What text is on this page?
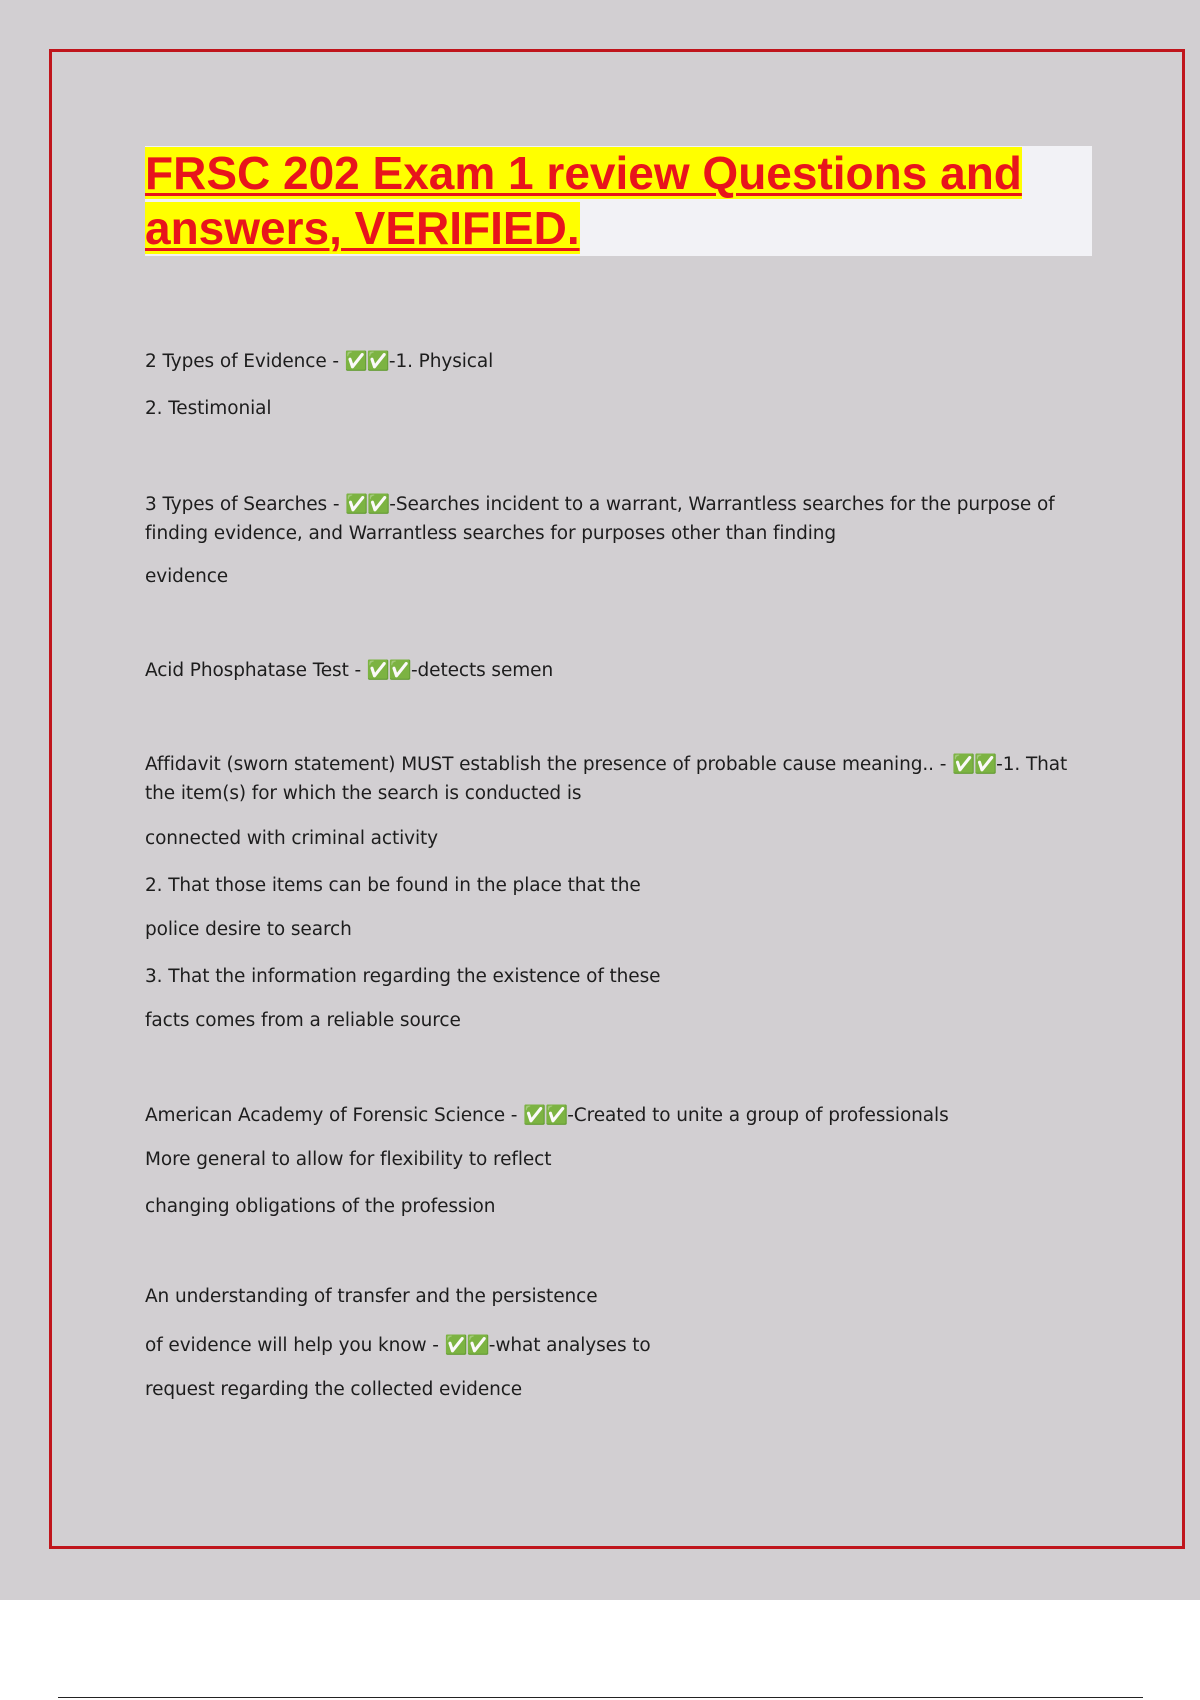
FRSC 202 Exam 1 review Questions and answers, VERIFIED.

2 Types of Evidence - ✅✅-1. Physical

2. Testimonial

3 Types of Searches - ✅✅-Searches incident to a warrant, Warrantless searches for the purpose of finding evidence, and Warrantless searches for purposes other than finding

evidence

Acid Phosphatase Test - ✅✅-detects semen

Affidavit (sworn statement) MUST establish the presence of probable cause meaning.. - ✅✅-1. That the item(s) for which the search is conducted is

connected with criminal activity

2. That those items can be found in the place that the

police desire to search

3. That the information regarding the existence of these

facts comes from a reliable source

American Academy of Forensic Science - ✅✅-Created to unite a group of professionals

More general to allow for flexibility to reflect

changing obligations of the profession

An understanding of transfer and the persistence

of evidence will help you know - ✅✅-what analyses to

request regarding the collected evidence
